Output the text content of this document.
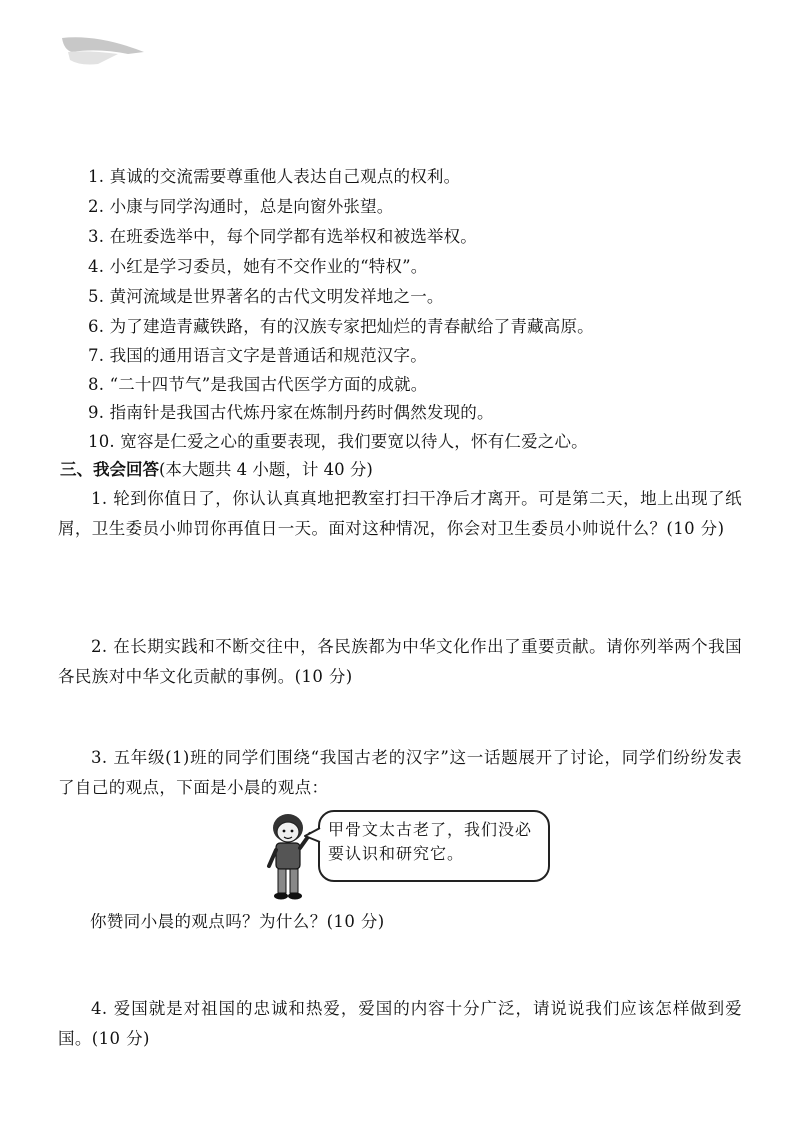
1. 真诚的交流需要尊重他人表达自己观点的权利。
2. 小康与同学沟通时，总是向窗外张望。
3. 在班委选举中，每个同学都有选举权和被选举权。
4. 小红是学习委员，她有不交作业的“特权”。
5. 黄河流域是世界著名的古代文明发祥地之一。
6. 为了建造青藏铁路，有的汉族专家把灿烂的青春献给了青藏高原。
7. 我国的通用语言文字是普通话和规范汉字。
8. “二十四节气”是我国古代医学方面的成就。
9. 指南针是我国古代炼丹家在炼制丹药时偶然发现的。
10. 宽容是仁爱之心的重要表现，我们要宽以待人，怀有仁爱之心。
三、我会回答(本大题共 4 小题，计 40 分)

1. 轮到你值日了，你认认真真地把教室打扫干净后才离开。可是第二天，地上出现了纸屑，卫生委员小帅罚你再值日一天。面对这种情况，你会对卫生委员小帅说什么？(10 分)

2. 在长期实践和不断交往中，各民族都为中华文化作出了重要贡献。请你列举两个我国各民族对中华文化贡献的事例。(10 分)

3. 五年级(1)班的同学们围绕“我国古老的汉字”这一话题展开了讨论，同学们纷纷发表了自己的观点，下面是小晨的观点：

甲骨文太古老了，我们没必要认识和研究它。
你赞同小晨的观点吗？为什么？(10 分)

4. 爱国就是对祖国的忠诚和热爱，爱国的内容十分广泛，请说说我们应该怎样做到爱国。(10 分)
